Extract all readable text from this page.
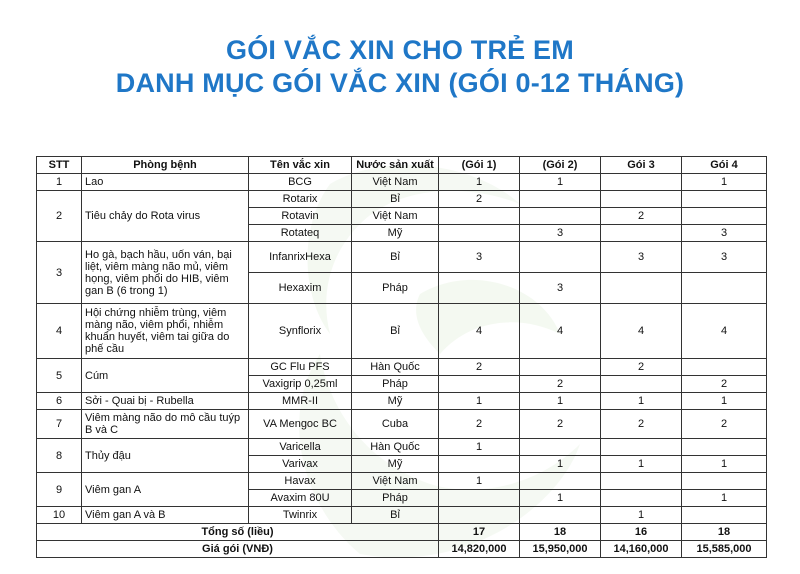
GÓI VẮC XIN CHO TRẺ EM
DANH MỤC GÓI VẮC XIN (GÓI 0-12 THÁNG)
STT	Phòng bệnh	Tên vắc xin	Nước sản xuất	(Gói 1)	(Gói 2)	Gói 3	Gói 4
1	Lao	BCG	Việt Nam	1	1		1
2	Tiêu chảy do Rota virus	Rotarix	Bỉ	2			
		Rotavin	Việt Nam			2	
		Rotateq	Mỹ		3		3
3	Ho gà, bạch hầu, uốn ván, bại liệt, viêm màng não mủ, viêm họng, viêm phổi do HIB, viêm gan B (6 trong 1)	InfanrixHexa	Bỉ	3		3	3
		Hexaxim	Pháp		3		
4	Hội chứng nhiễm trùng, viêm màng não, viêm phổi, nhiễm khuẩn huyết, viêm tai giữa do phế cầu	Synflorix	Bỉ	4	4	4	4
5	Cúm	GC Flu PFS	Hàn Quốc	2		2	
		Vaxigrip 0,25ml	Pháp		2		2
6	Sởi - Quai bị - Rubella	MMR-II	Mỹ	1	1	1	1
7	Viêm màng não do mô cầu tuýp B và C	VA Mengoc BC	Cuba	2	2	2	2
8	Thủy đậu	Varicella	Hàn Quốc	1			
		Varivax	Mỹ		1	1	1
9	Viêm gan A	Havax	Việt Nam	1			
		Avaxim 80U	Pháp		1		1
10	Viêm gan A và B	Twinrix	Bỉ			1	
Tổng số (liều)				17	18	16	18
Giá gói (VNĐ)				14,820,000	15,950,000	14,160,000	15,585,000
